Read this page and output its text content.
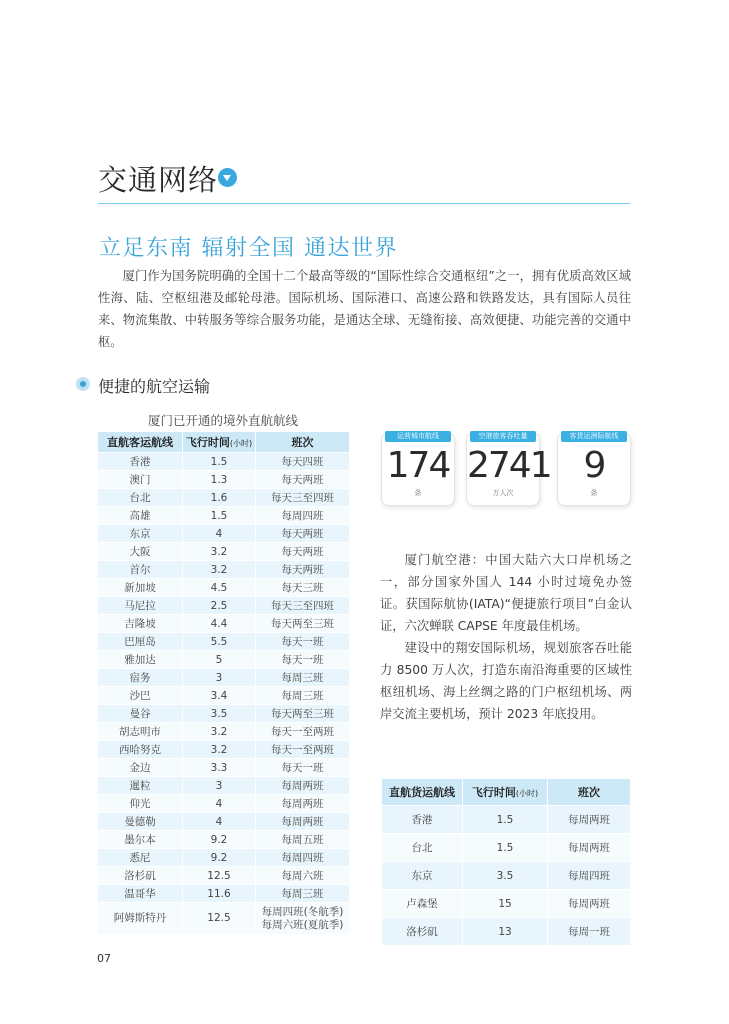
交通网络
立足东南 辐射全国 通达世界
厦门作为国务院明确的全国十二个最高等级的“国际性综合交通枢纽”之一，拥有优质高效区域性海、陆、空枢纽港及邮轮母港。国际机场、国际港口、高速公路和铁路发达，具有国际人员往来、物流集散、中转服务等综合服务功能，是通达全球、无缝衔接、高效便捷、功能完善的交通中枢。
便捷的航空运输
厦门已开通的境外直航航线
直航客运航线	飞行时间(小时)	班次
香港	1.5	每天四班
澳门	1.3	每天两班
台北	1.6	每天三至四班
高雄	1.5	每周四班
东京	4	每天两班
大阪	3.2	每天两班
首尔	3.2	每天两班
新加坡	4.5	每天三班
马尼拉	2.5	每天三至四班
吉隆坡	4.4	每天两至三班
巴厘岛	5.5	每天一班
雅加达	5	每天一班
宿务	3	每周三班
沙巴	3.4	每周三班
曼谷	3.5	每天两至三班
胡志明市	3.2	每天一至两班
西哈努克	3.2	每天一至两班
金边	3.3	每天一班
暹粒	3	每周两班
仰光	4	每周两班
曼德勒	4	每周两班
墨尔本	9.2	每周五班
悉尼	9.2	每周四班
洛杉矶	12.5	每周六班
温哥华	11.6	每周三班
阿姆斯特丹	12.5	每周四班(冬航季)
每周六班(夏航季)
运营城市航线
174
条
空港旅客吞吐量
2741
万人次
客货运洲际航线
9
条

厦门航空港：中国大陆六大口岸机场之一，部分国家外国人 144 小时过境免办签证。获国际航协(IATA)“便捷旅行项目”白金认证，六次蝉联 CAPSE 年度最佳机场。

建设中的翔安国际机场，规划旅客吞吐能力 8500 万人次，打造东南沿海重要的区域性枢纽机场、海上丝绸之路的门户枢纽机场、两岸交流主要机场，预计 2023 年底投用。

直航货运航线	飞行时间(小时)	班次
香港	1.5	每周两班
台北	1.5	每周两班
东京	3.5	每周四班
卢森堡	15	每周两班
洛杉矶	13	每周一班
07
